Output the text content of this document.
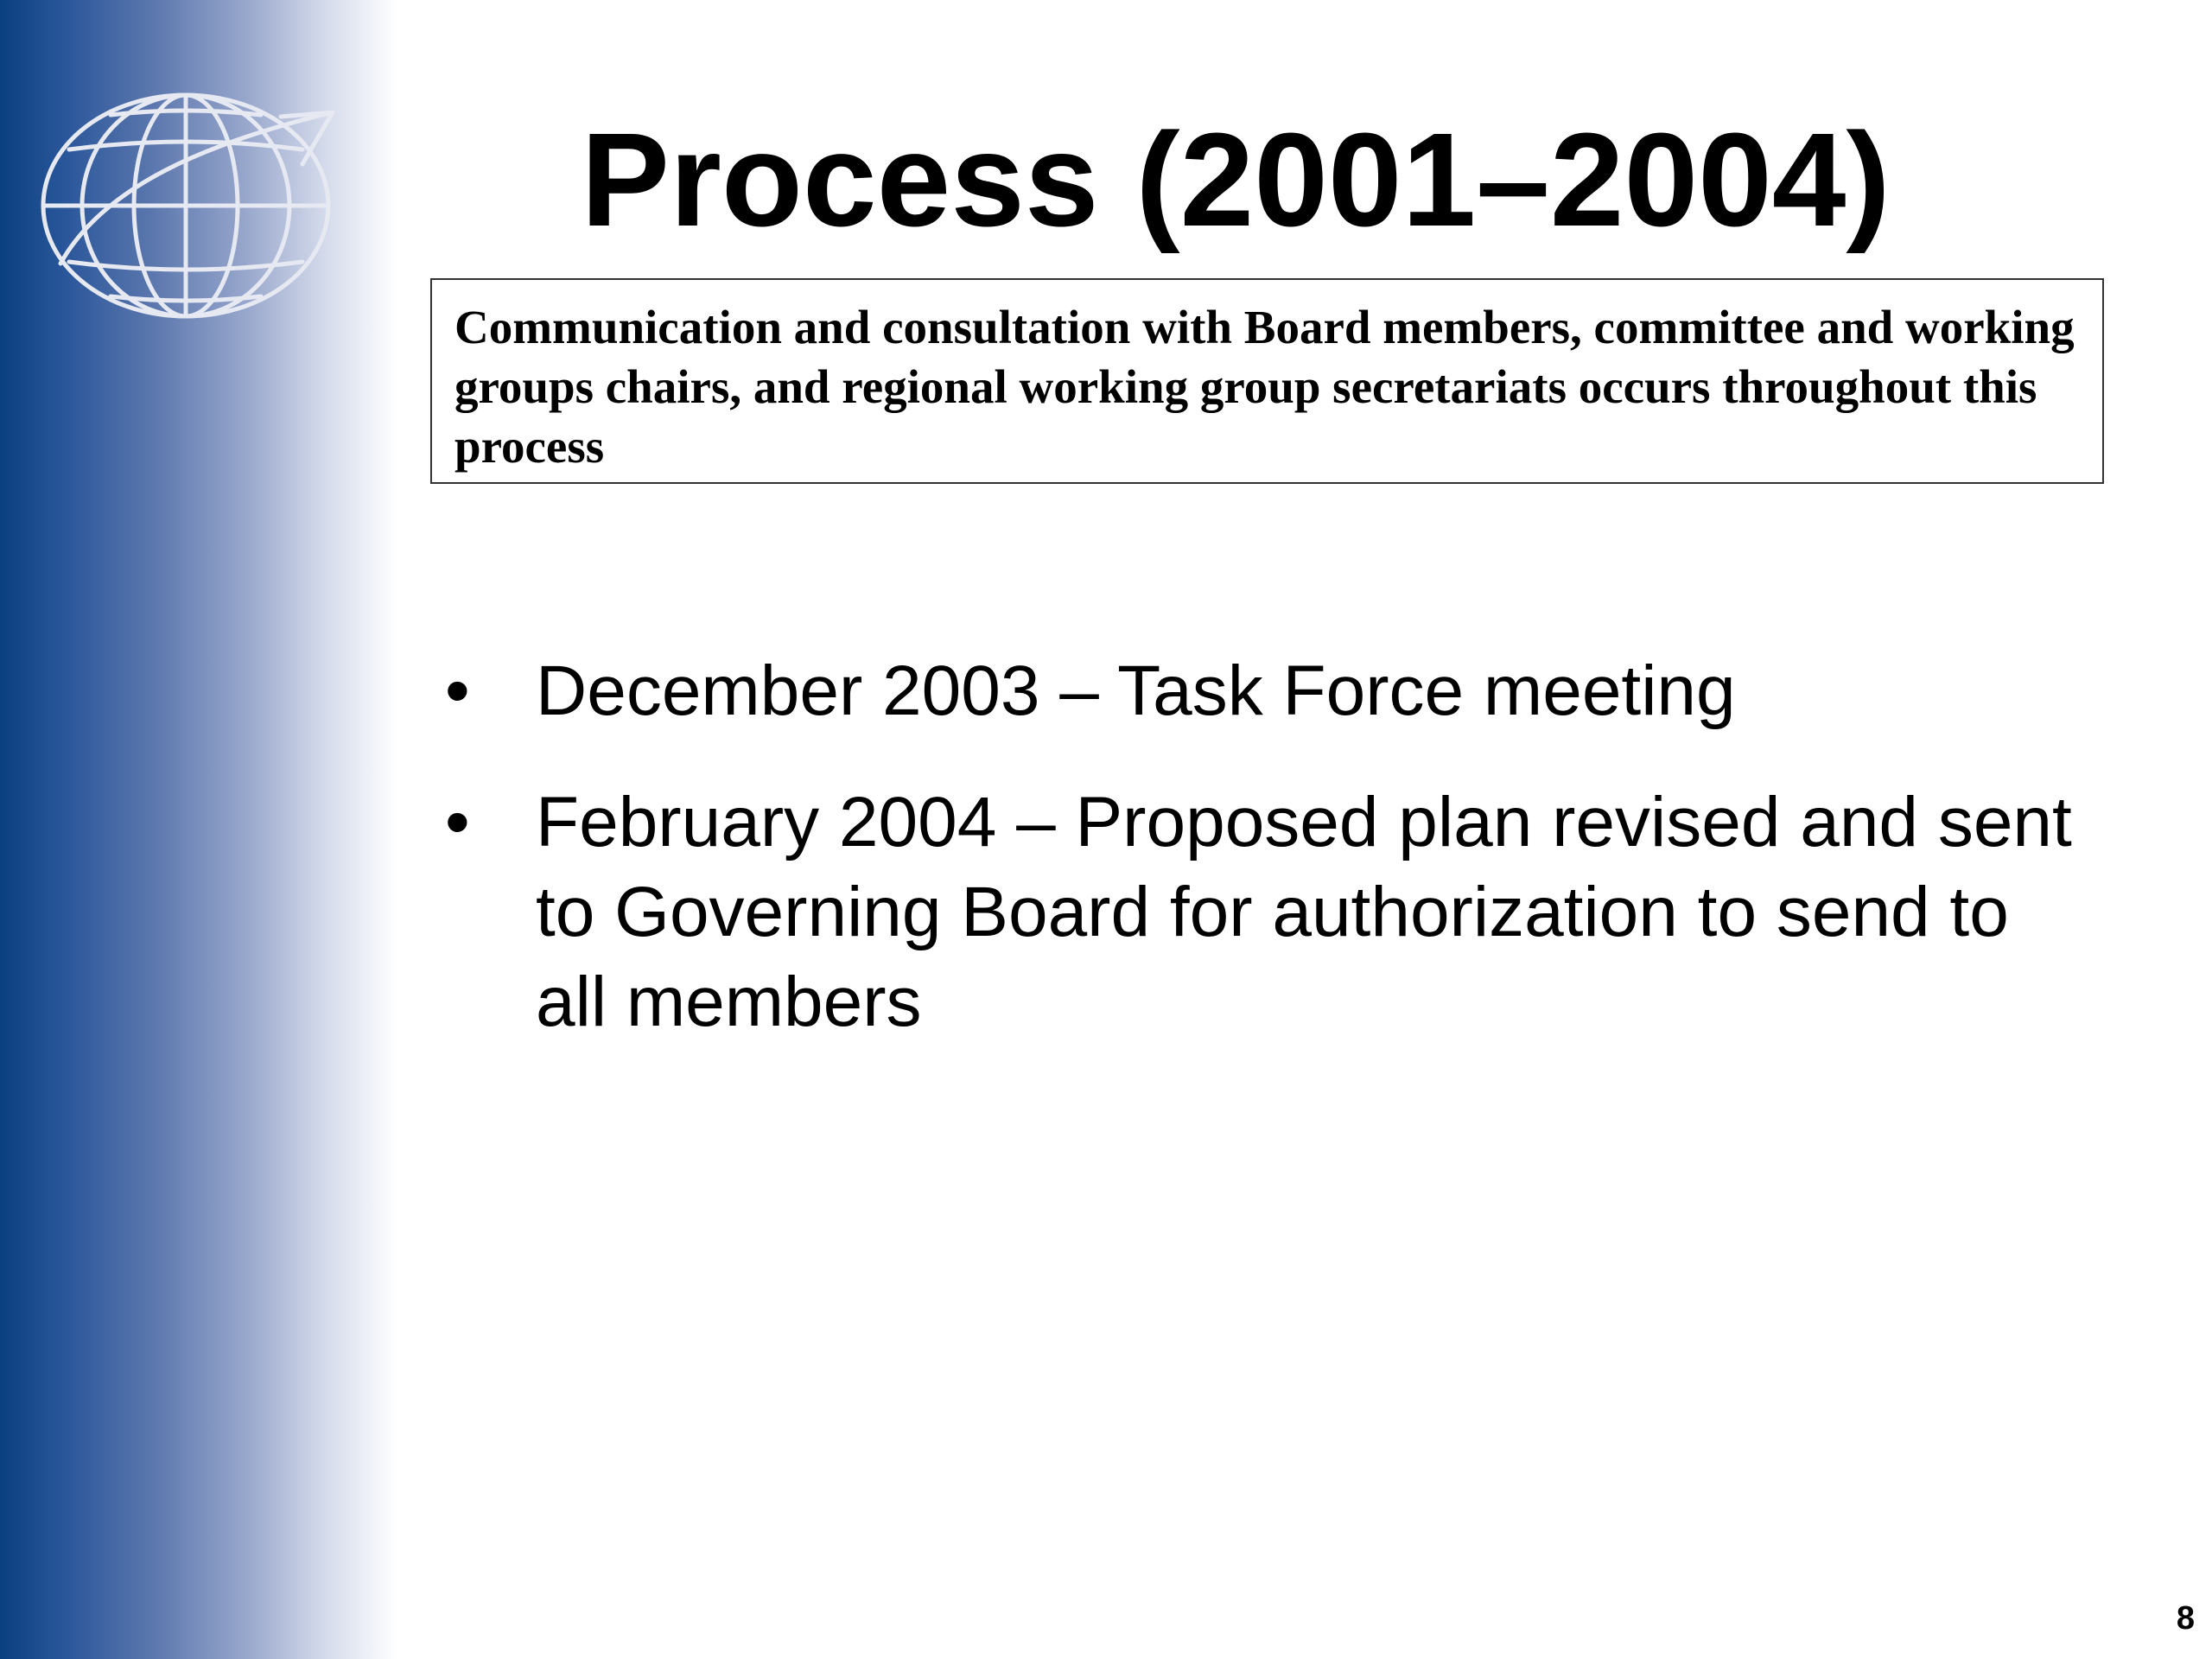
Process (2001–2004)
Communication and consultation with Board members, committee and working groups chairs, and regional working group secretariats occurs throughout this process
• December 2003 – Task Force meeting
• February 2004 – Proposed plan revised and sent to Governing Board for authorization to send to all members
8
